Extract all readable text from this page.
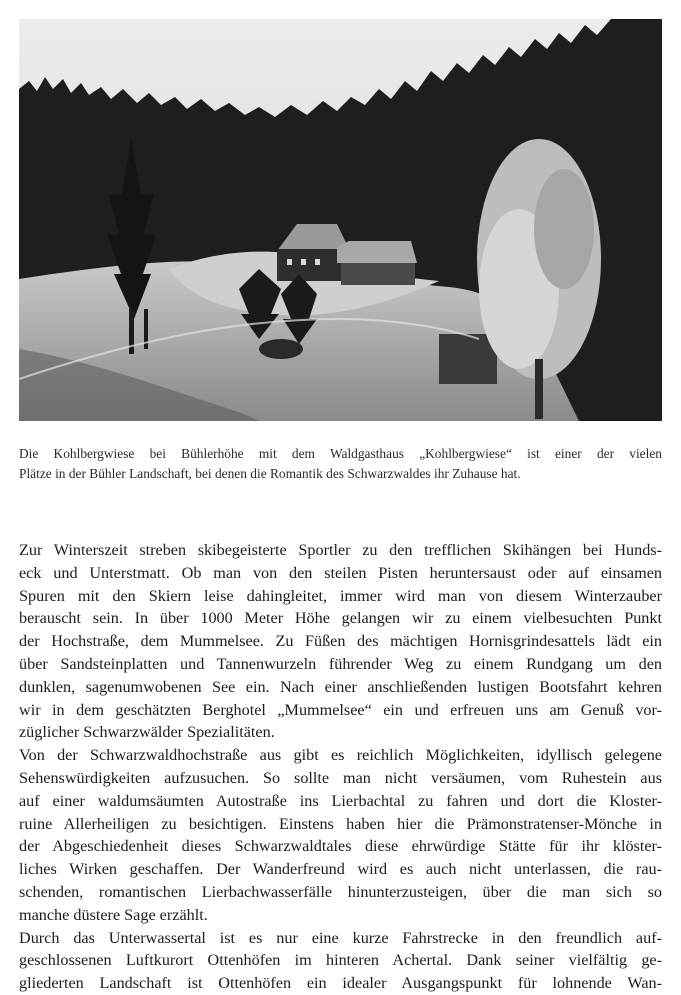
Die Kohlbergwiese bei Bühlerhöhe mit dem Waldgasthaus „Kohlbergwiese“ ist einer der vielen
Plätze in der Bühler Landschaft, bei denen die Romantik des Schwarzwaldes ihr Zuhause hat.
Zur Winterszeit streben skibegeisterte Sportler zu den trefflichen Skihängen bei Hunds-
eck und Unterstmatt. Ob man von den steilen Pisten heruntersaust oder auf einsamen
Spuren mit den Skiern leise dahingleitet, immer wird man von diesem Winterzauber
berauscht sein. In über 1000 Meter Höhe gelangen wir zu einem vielbesuchten Punkt
der Hochstraße, dem Mummelsee. Zu Füßen des mächtigen Hornisgrindesattels lädt ein
über Sandsteinplatten und Tannenwurzeln führender Weg zu einem Rundgang um den
dunklen, sagenumwobenen See ein. Nach einer anschließenden lustigen Bootsfahrt kehren
wir in dem geschätzten Berghotel „Mummelsee“ ein und erfreuen uns am Genuß vor-
züglicher Schwarzwälder Spezialitäten.
Von der Schwarzwaldhochstraße aus gibt es reichlich Möglichkeiten, idyllisch gelegene
Sehenswürdigkeiten aufzusuchen. So sollte man nicht versäumen, vom Ruhestein aus
auf einer waldumsäumten Autostraße ins Lierbachtal zu fahren und dort die Kloster-
ruine Allerheiligen zu besichtigen. Einstens haben hier die Prämonstratenser-Mönche in
der Abgeschiedenheit dieses Schwarzwaldtales diese ehrwürdige Stätte für ihr klöster-
liches Wirken geschaffen. Der Wanderfreund wird es auch nicht unterlassen, die rau-
schenden, romantischen Lierbachwasserfälle hinunterzusteigen, über die man sich so
manche düstere Sage erzählt.
Durch das Unterwassertal ist es nur eine kurze Fahrstrecke in den freundlich auf-
geschlossenen Luftkurort Ottenhöfen im hinteren Achertal. Dank seiner vielfältig ge-
gliederten Landschaft ist Ottenhöfen ein idealer Ausgangspunkt für lohnende Wan-
